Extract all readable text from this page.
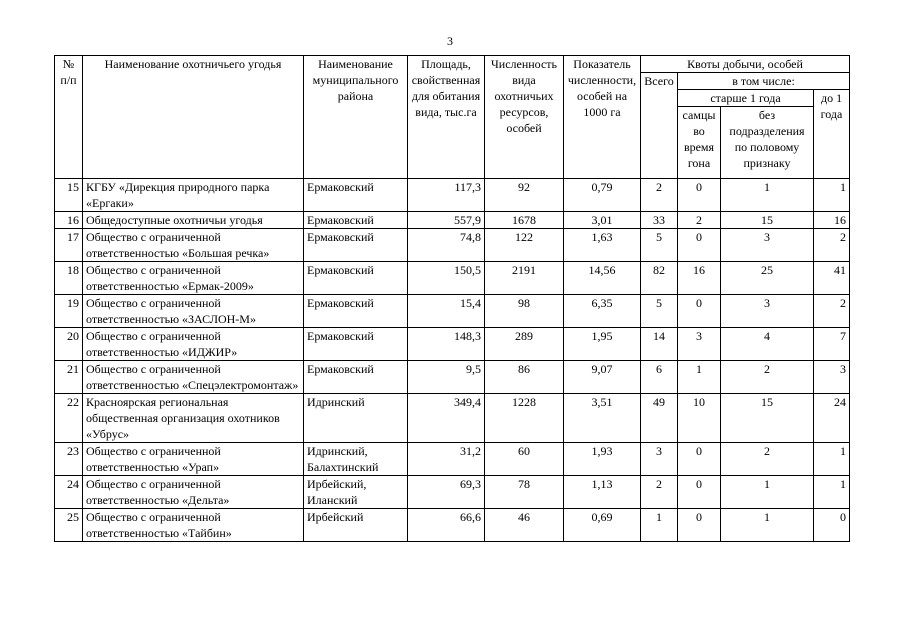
3
№ п/п	Наименование охотничьего угодья	Наименование муниципального района	Площадь, свойственная для обитания вида, тыс.га	Численность вида охотничьих ресурсов, особей	Показатель численности, особей на 1000 га	Квоты добычи, особей			
						Всего	в том числе:		
							старше 1 года		до 1 года
							самцы во время гона	без подразделения по половому признаку	
15	КГБУ «Дирекция природного парка «Ергаки»	Ермаковский	117,3	92	0,79	2	0	1	1
16	Общедоступные охотничьи угодья	Ермаковский	557,9	1678	3,01	33	2	15	16
17	Общество с ограниченной ответственностью «Большая речка»	Ермаковский	74,8	122	1,63	5	0	3	2
18	Общество с ограниченной ответственностью «Ермак-2009»	Ермаковский	150,5	2191	14,56	82	16	25	41
19	Общество с ограниченной ответственностью «ЗАСЛОН-М»	Ермаковский	15,4	98	6,35	5	0	3	2
20	Общество с ограниченной ответственностью «ИДЖИР»	Ермаковский	148,3	289	1,95	14	3	4	7
21	Общество с ограниченной ответственностью «Спецэлектромонтаж»	Ермаковский	9,5	86	9,07	6	1	2	3
22	Красноярская региональная общественная организация охотников «Убрус»	Идринский	349,4	1228	3,51	49	10	15	24
23	Общество с ограниченной ответственностью «Урап»	Идринский, Балахтинский	31,2	60	1,93	3	0	2	1
24	Общество с ограниченной ответственностью «Дельта»	Ирбейский, Иланский	69,3	78	1,13	2	0	1	1
25	Общество с ограниченной ответственностью «Тайбин»	Ирбейский	66,6	46	0,69	1	0	1	0
